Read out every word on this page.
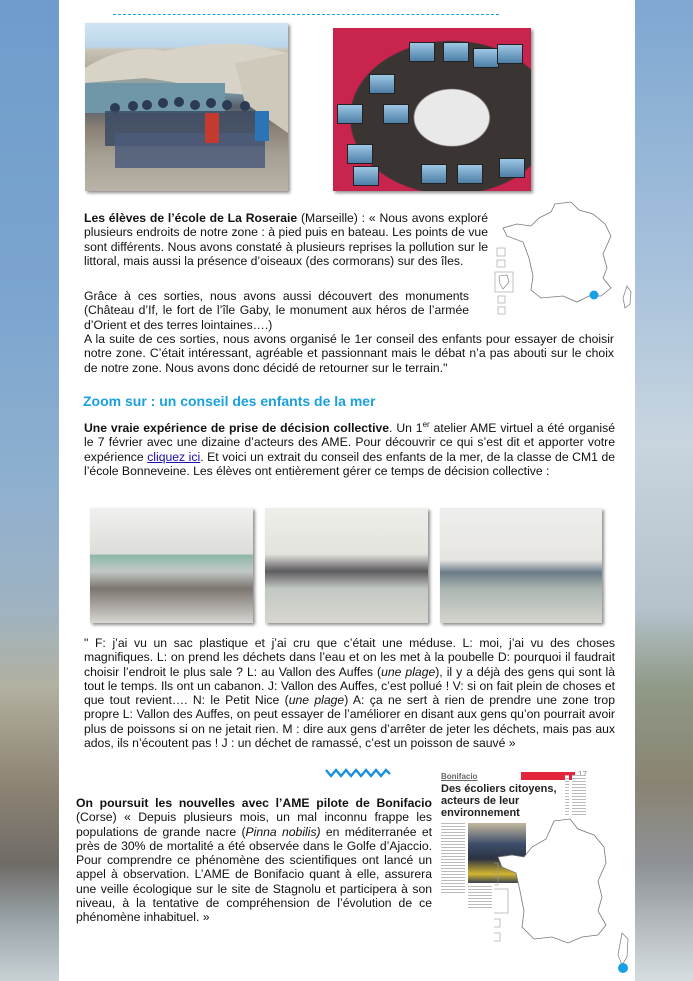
Les élèves de l’école de La Roseraie (Marseille) : « Nous avons exploré plusieurs endroits de notre zone : à pied puis en bateau. Les points de vue sont différents. Nous avons constaté à plusieurs reprises la pollution sur le littoral, mais aussi la présence d’oiseaux (des cormorans) sur des îles.
Grâce à ces sorties, nous avons aussi découvert des monuments (Château d’If, le fort de l’île Gaby, le monument aux héros de l’armée d’Orient et des terres lointaines….)
A la suite de ces sorties, nous avons organisé le 1er conseil des enfants pour essayer de choisir notre zone. C’était intéressant, agréable et passionnant mais le débat n’a pas abouti sur le choix de notre zone. Nous avons donc décidé de retourner sur le terrain."
Zoom sur : un conseil des enfants de la mer
Une vraie expérience de prise de décision collective. Un 1er atelier AME virtuel a été organisé le 7 février avec une dizaine d’acteurs des AME. Pour découvrir ce qui s’est dit et apporter votre expérience cliquez ici. Et voici un extrait du conseil des enfants de la mer, de la classe de CM1 de l’école Bonneveine. Les élèves ont entièrement gérer ce temps de décision collective :
" F: j’ai vu un sac plastique et j’ai cru que c’était une méduse. L: moi, j’ai vu des choses magnifiques. L: on prend les déchets dans l’eau et on les met à la poubelle D: pourquoi il faudrait choisir l’endroit le plus sale ? L: au Vallon des Auffes (une plage), il y a déjà des gens qui sont là tout le temps. Ils ont un cabanon. J: Vallon des Auffes, c’est pollué ! V: si on fait plein de choses et que tout revient…. N: le Petit Nice (une plage) A: ça ne sert à rien de prendre une zone trop propre L: Vallon des Auffes, on peut essayer de l’améliorer en disant aux gens qu’on pourrait avoir plus de poissons si on ne jetait rien. M : dire aux gens d’arrêter de jeter les déchets, mais pas aux ados, ils n’écoutent pas ! J : un déchet de ramassé, c’est un poisson de sauvé »
On poursuit les nouvelles avec l’AME pilote de Bonifacio (Corse) « Depuis plusieurs mois, un mal inconnu frappe les populations de grande nacre (Pinna nobilis) en méditerranée et près de 30% de mortalité a été observée dans le Golfe d’Ajaccio. Pour comprendre ce phénomène des scientifiques ont lancé un appel à observation. L’AME de Bonifacio quant à elle, assurera une veille écologique sur le site de Stagnolu et participera à son niveau, à la tentative de compréhension de l’évolution de ce phénomène inhabituel. »
Bonifacio
Des écoliers citoyens, acteurs de leur environnement
